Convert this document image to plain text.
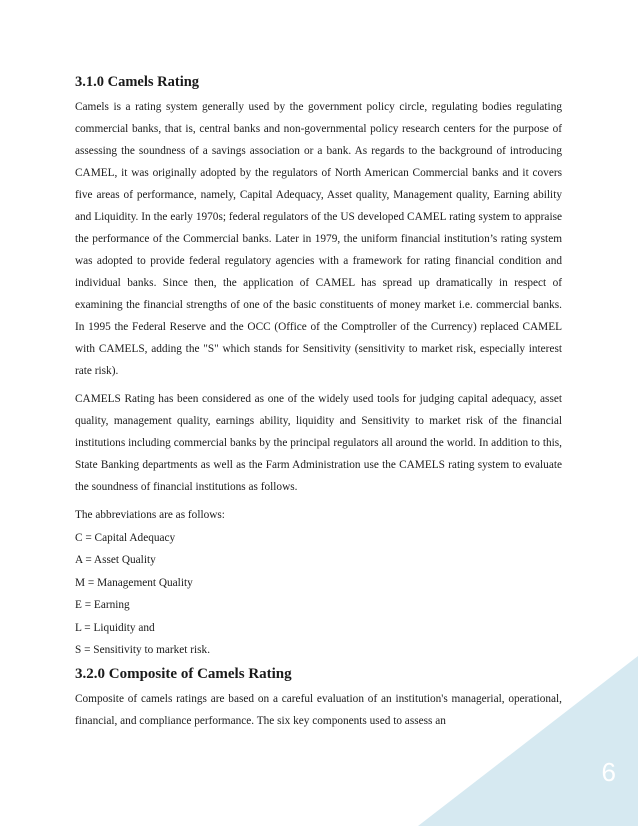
3.1.0 Camels Rating

Camels is a rating system generally used by the government policy circle, regulating bodies regulating commercial banks, that is, central banks and non-governmental policy research centers for the purpose of assessing the soundness of a savings association or a bank. As regards to the background of introducing CAMEL, it was originally adopted by the regulators of North American Commercial banks and it covers five areas of performance, namely, Capital Adequacy, Asset quality, Management quality, Earning ability and Liquidity. In the early 1970s; federal regulators of the US developed CAMEL rating system to appraise the performance of the Commercial banks. Later in 1979, the uniform financial institution’s rating system was adopted to provide federal regulatory agencies with a framework for rating financial condition and individual banks. Since then, the application of CAMEL has spread up dramatically in respect of examining the financial strengths of one of the basic constituents of money market i.e. commercial banks. In 1995 the Federal Reserve and the OCC (Office of the Comptroller of the Currency) replaced CAMEL with CAMELS, adding the "S" which stands for Sensitivity (sensitivity to market risk, especially interest rate risk).

CAMELS Rating has been considered as one of the widely used tools for judging capital adequacy, asset quality, management quality, earnings ability, liquidity and Sensitivity to market risk of the financial institutions including commercial banks by the principal regulators all around the world. In addition to this, State Banking departments as well as the Farm Administration use the CAMELS rating system to evaluate the soundness of financial institutions as follows.

The abbreviations are as follows:
C = Capital Adequacy
A = Asset Quality
M = Management Quality
E = Earning
L = Liquidity and
S = Sensitivity to market risk.
3.2.0 Composite of Camels Rating

Composite of camels ratings are based on a careful evaluation of an institution's managerial, operational, financial, and compliance performance. The six key components used to assess an

6
